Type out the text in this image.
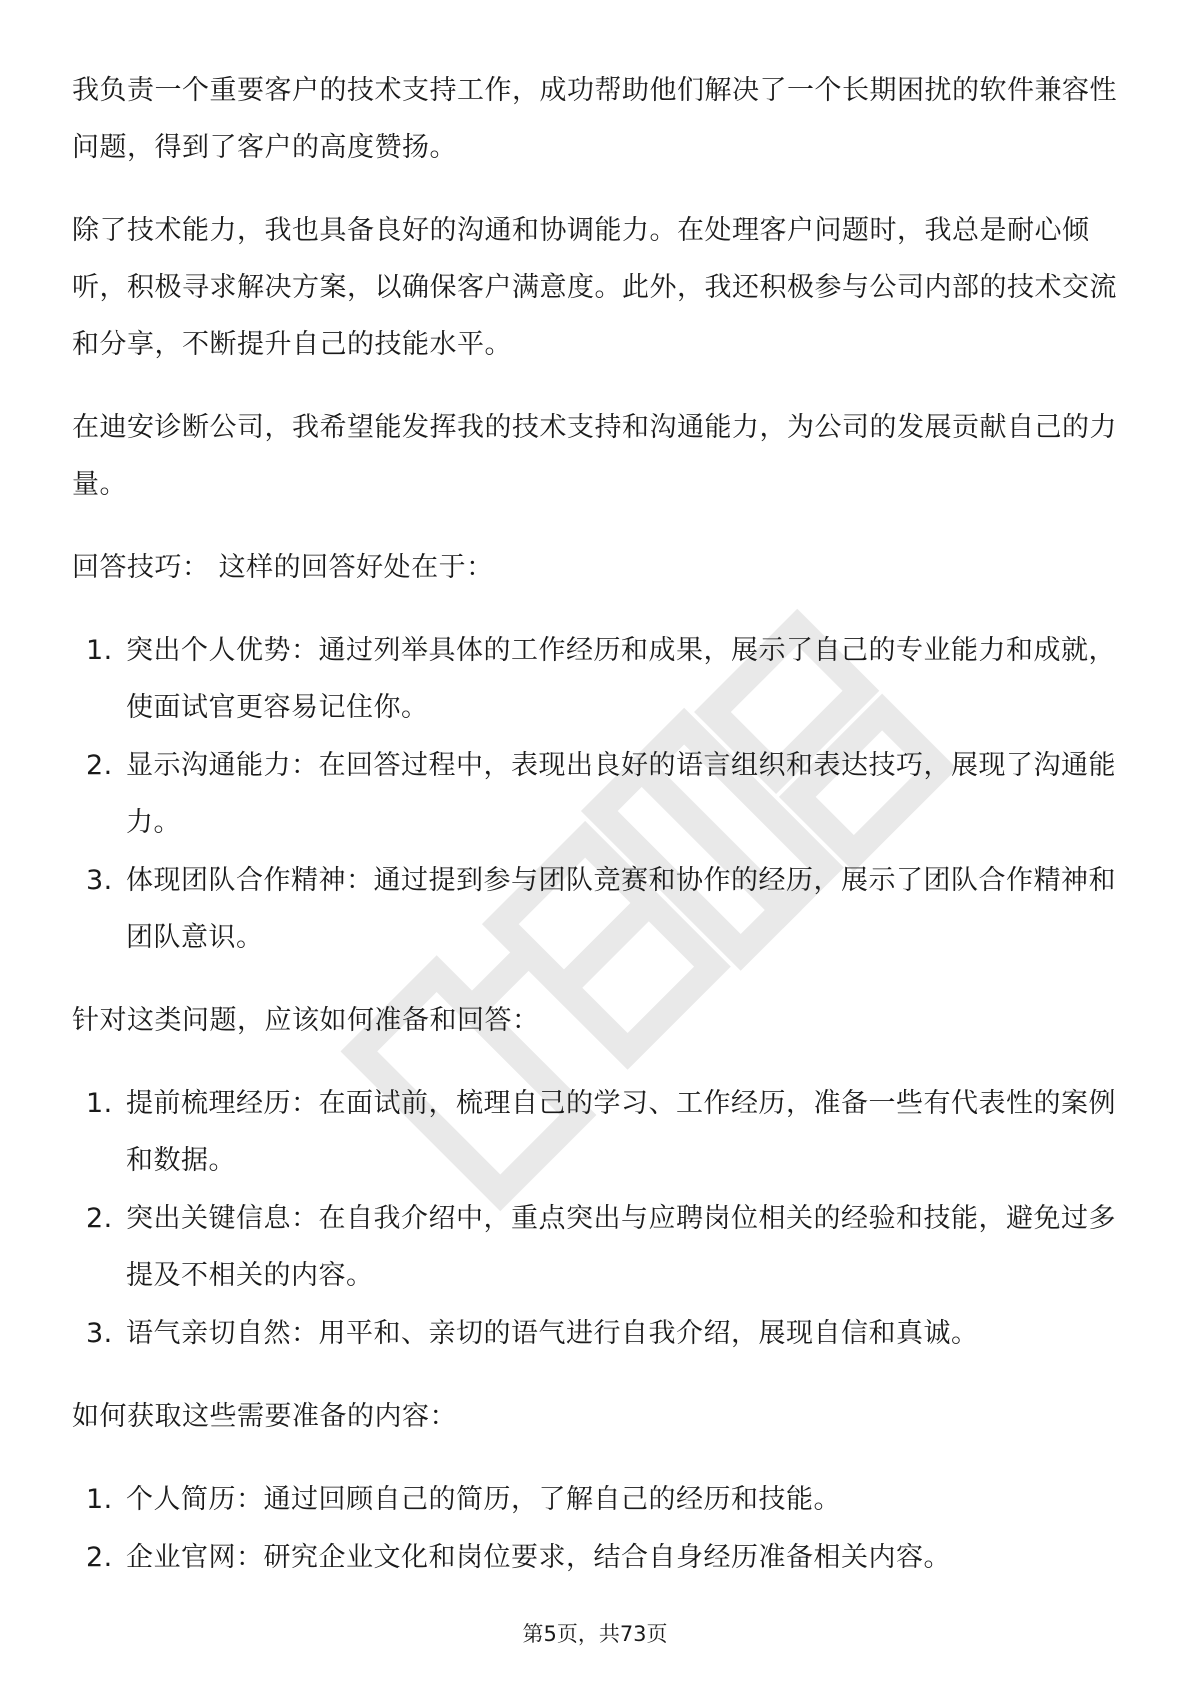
我负责一个重要客户的技术支持工作，成功帮助他们解决了一个长期困扰的软件兼容性问题，得到了客户的高度赞扬。

除了技术能力，我也具备良好的沟通和协调能力。在处理客户问题时，我总是耐心倾听，积极寻求解决方案，以确保客户满意度。此外，我还积极参与公司内部的技术交流和分享，不断提升自己的技能水平。

在迪安诊断公司，我希望能发挥我的技术支持和沟通能力，为公司的发展贡献自己的力量。

回答技巧： 这样的回答好处在于：

1. 突出个人优势：通过列举具体的工作经历和成果，展示了自己的专业能力和成就，使面试官更容易记住你。
2. 显示沟通能力：在回答过程中，表现出良好的语言组织和表达技巧，展现了沟通能力。
3. 体现团队合作精神：通过提到参与团队竞赛和协作的经历，展示了团队合作精神和团队意识。

针对这类问题，应该如何准备和回答：

1. 提前梳理经历：在面试前，梳理自己的学习、工作经历，准备一些有代表性的案例和数据。
2. 突出关键信息：在自我介绍中，重点突出与应聘岗位相关的经验和技能，避免过多提及不相关的内容。
3. 语气亲切自然：用平和、亲切的语气进行自我介绍，展现自信和真诚。

如何获取这些需要准备的内容：

1. 个人简历：通过回顾自己的简历，了解自己的经历和技能。
2. 企业官网：研究企业文化和岗位要求，结合自身经历准备相关内容。
第5页，共73页
